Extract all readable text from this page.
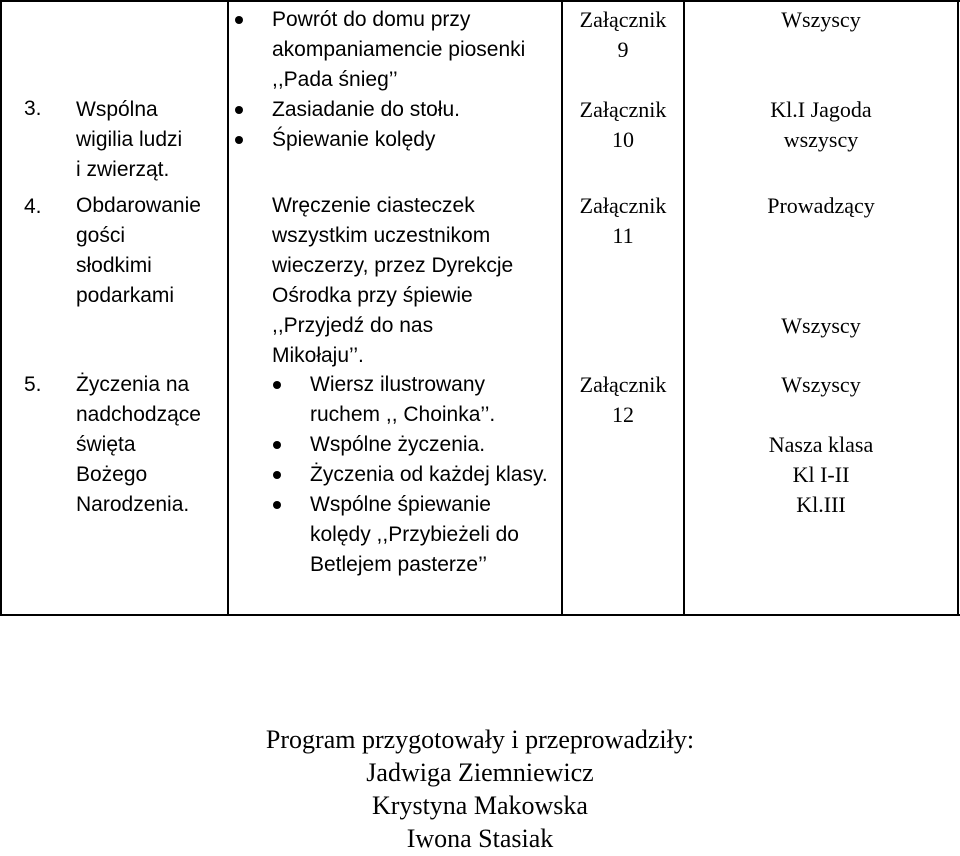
Powrót do domu przy akompaniamencie piosenki ,,Pada śnieg’’
Załącznik
9
Wszyscy
3. Wspólna
wigilia ludzi
i zwierząt.
Zasiadanie do stołu.
Śpiewanie kolędy
Załącznik
10
Kl.I Jagoda
wszyscy
4. Obdarowanie
gości
słodkimi
podarkami
Wręczenie ciasteczek
wszystkim uczestnikom
wieczerzy, przez Dyrekcje
Ośrodka przy śpiewie
,,Przyjedź do nas
Mikołaju’’.
Załącznik
11
Prowadzący
Wszyscy
5. Życzenia na
nadchodzące
święta
Bożego
Narodzenia.
Wiersz ilustrowany ruchem ,, Choinka’’.
Wspólne życzenia.
Życzenia od każdej klasy.
Wspólne śpiewanie kolędy ,,Przybieżeli do Betlejem pasterze’’
Załącznik
12
Wszyscy
Nasza klasa
Kl I-II
Kl.III
Program przygotowały i przeprowadziły:
Jadwiga Ziemniewicz
Krystyna Makowska
Iwona Stasiak
